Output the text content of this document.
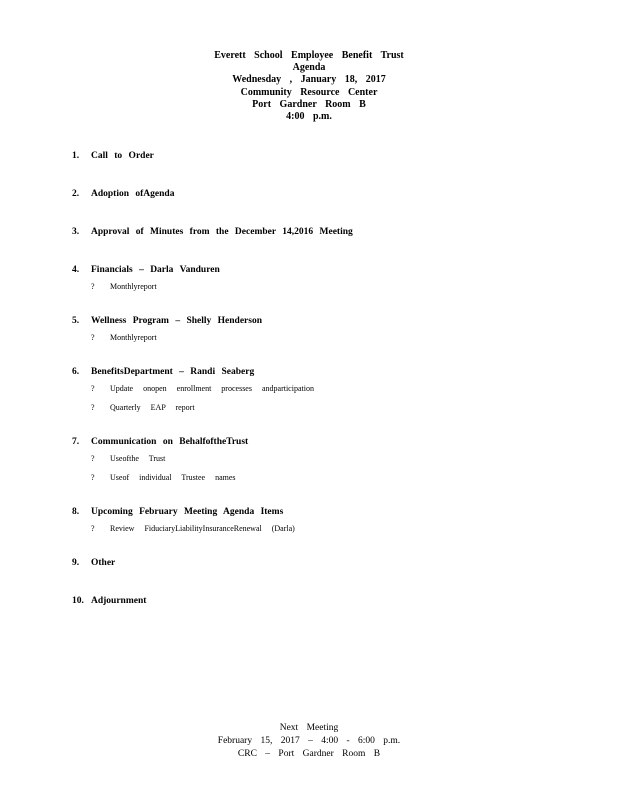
Everett School Employee Benefit Trust
Agenda
Wednesday , January 18, 2017
Community Resource Center
Port Gardner Room B
4:00 p.m.
1.	Call to Order
2.	Adoption ofAgenda
3.	Approval of Minutes from the December 14,2016 Meeting
4.	Financials – Darla Vanduren
?	Monthlyreport
5.	Wellness Program – Shelly Henderson
?	Monthlyreport
6.	BenefitsDepartment – Randi Seaberg
?	Update onopen enrollment processes andparticipation
?	Quarterly EAP report
7.	Communication on BehalfoftheTrust
?	Useofthe Trust
?	Useof individual Trustee names
8.	Upcoming February Meeting Agenda Items
?	Review FiduciaryLiabilityInsuranceRenewal (Darla)
9.	Other
10. Adjournment
Next Meeting
February 15, 2017 – 4:00 - 6:00 p.m.
CRC – Port Gardner Room B
